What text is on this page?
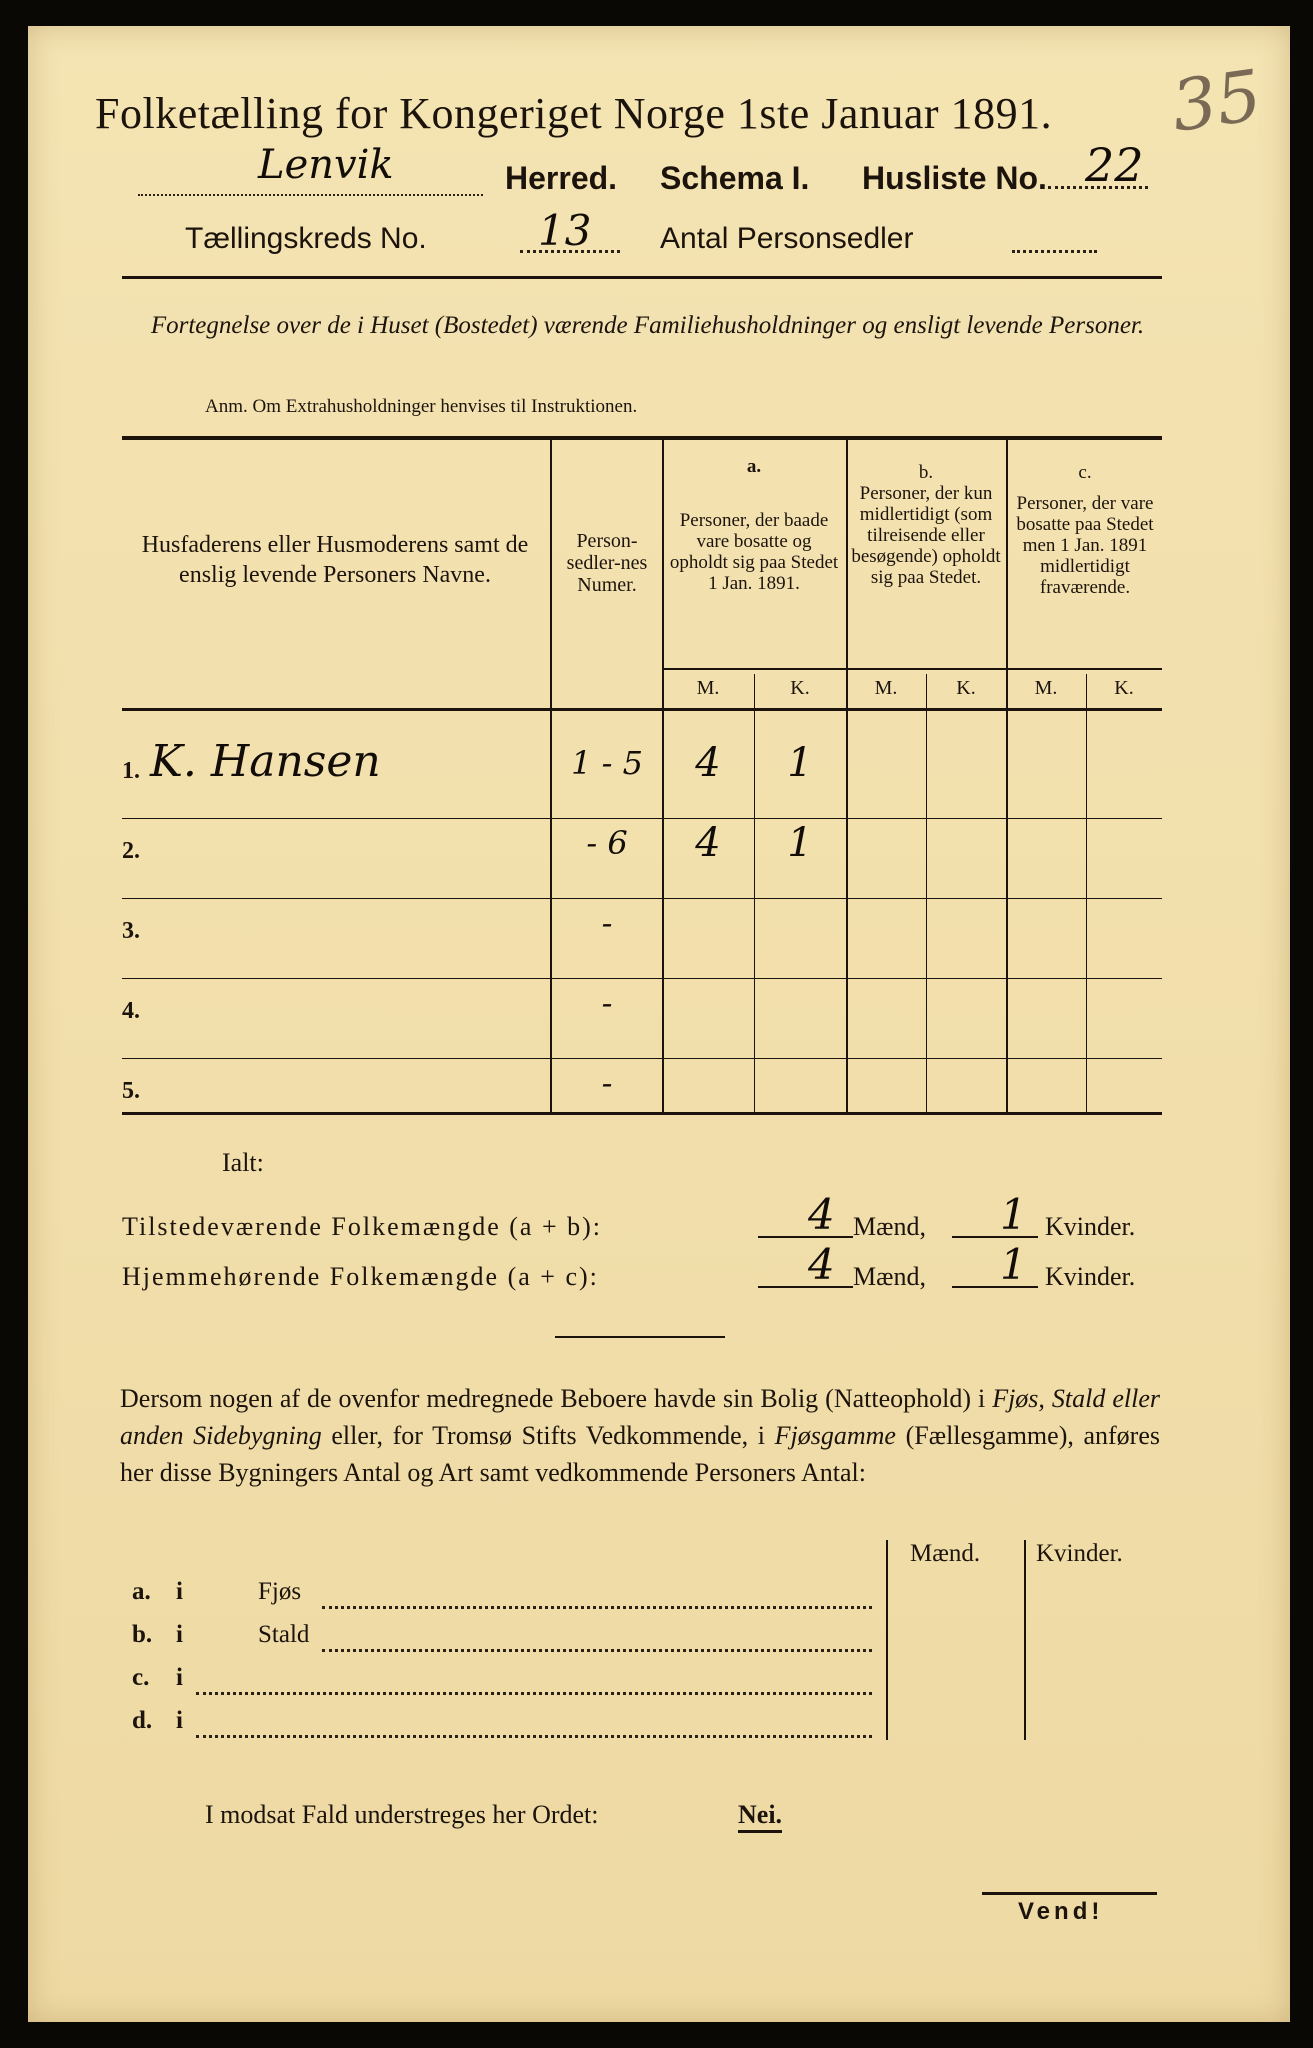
Folketælling for Kongeriget Norge 1ste Januar 1891.	35
Lenvik	Herred. Schema I. Husliste No. 22
Tællingskreds No.	13 Antal Personsedler
Fortegnelse over de i Huset (Bostedet) værende Familiehusholdninger og ensligt levende Personer.
Anm. Om Extrahusholdninger henvises til Instruktionen.
Husfaderens eller Husmoderens samt de enslig levende Personers Navne.
Person-sedler-nes Numer.
a.
Personer, der baade vare bosatte og opholdt sig paa Stedet 1 Jan. 1891.
b.
Personer, der kun midlertidigt (som tilreisende eller besøgende) opholdt sig paa Stedet.
c.
Personer, der vare bosatte paa Stedet men 1 Jan. 1891 midlertidigt fraværende.
M.	K.	M.	K.	M.	K.
1. K. Hansen	1 - 5	4	1
2.	- 6	4	1
3.	-
4.	-
5.	-
Ialt:
Tilstedeværende Folkemængde (a + b):	4 Mænd, 1 Kvinder.
Hjemmehørende Folkemængde (a + c):	4 Mænd, 1 Kvinder.
Dersom nogen af de ovenfor medregnede Beboere havde sin Bolig (Natteophold) i Fjøs, Stald eller anden Sidebygning eller, for Tromsø Stifts Vedkommende, i Fjøsgamme (Fællesgamme), anføres her disse Bygningers Antal og Art samt vedkommende Personers Antal:
Mænd. Kvinder.
a. i	Fjøs
b. i	Stald
c. i
d. i
I modsat Fald understreges her Ordet:	Nei.
Vend!
